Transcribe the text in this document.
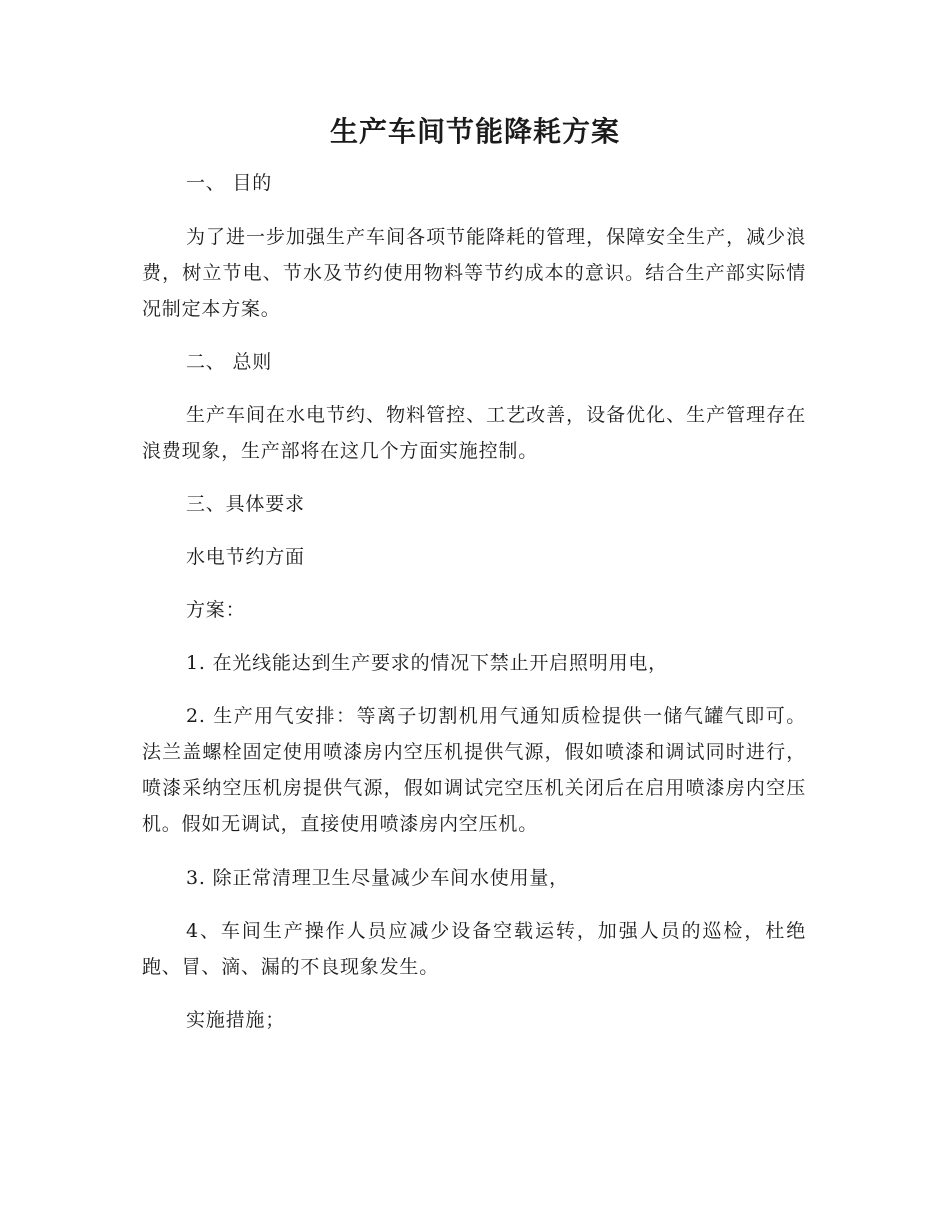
生产车间节能降耗方案

一、 目的

为了进一步加强生产车间各项节能降耗的管理，保障安全生产，减少浪费，树立节电、节水及节约使用物料等节约成本的意识。结合生产部实际情况制定本方案。

二、 总则

生产车间在水电节约、物料管控、工艺改善，设备优化、生产管理存在浪费现象，生产部将在这几个方面实施控制。

三、具体要求

水电节约方面

方案：

1. 在光线能达到生产要求的情况下禁止开启照明用电，

2. 生产用气安排：等离子切割机用气通知质检提供一储气罐气即可。法兰盖螺栓固定使用喷漆房内空压机提供气源，假如喷漆和调试同时进行，喷漆采纳空压机房提供气源，假如调试完空压机关闭后在启用喷漆房内空压机。假如无调试，直接使用喷漆房内空压机。

3. 除正常清理卫生尽量减少车间水使用量，

4、车间生产操作人员应减少设备空载运转，加强人员的巡检，杜绝跑、冒、滴、漏的不良现象发生。

实施措施；
